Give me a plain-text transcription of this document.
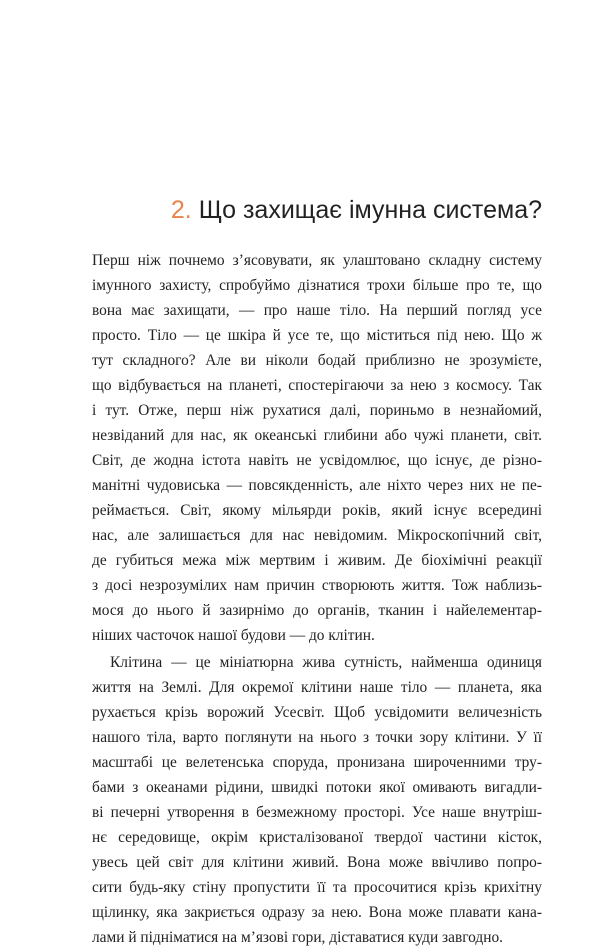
2. Що захищає імунна система?
Перш ніж почнемо з’ясовувати, як улаштовано складну систему
імунного захисту, спробуймо дізнатися трохи більше про те, що
вона має захищати, — про наше тіло. На перший погляд усе
просто. Тіло — це шкіра й усе те, що міститься під нею. Що ж
тут складного? Але ви ніколи бодай приблизно не зрозумієте,
що відбувається на планеті, спостерігаючи за нею з космосу. Так
і тут. Отже, перш ніж рухатися далі, пориньмо в незнайомий,
незвіданий для нас, як океанські глибини або чужі планети, світ.
Світ, де жодна істота навіть не усвідомлює, що існує, де різно-
манітні чудовиська — повсякденність, але ніхто через них не пе-
реймається. Світ, якому мільярди років, який існує всередині
нас, але залишається для нас невідомим. Мікроскопічний світ,
де губиться межа між мертвим і живим. Де біохімічні реакції
з досі незрозумілих нам причин створюють життя. Тож наблизь-
мося до нього й зазирнімо до органів, тканин і найелементар-
ніших часточок нашої будови — до клітин.
Клітина — це мініатюрна жива сутність, найменша одиниця
життя на Землі. Для окремої клітини наше тіло — планета, яка
рухається крізь ворожий Усесвіт. Щоб усвідомити величезність
нашого тіла, варто поглянути на нього з точки зору клітини. У її
масштабі це велетенська споруда, пронизана широченними тру-
бами з океанами рідини, швидкі потоки якої омивають вигадли-
ві печерні утворення в безмежному просторі. Усе наше внутріш-
нє середовище, окрім кристалізованої твердої частини кісток,
увесь цей світ для клітини живий. Вона може ввічливо попро-
сити будь-яку стіну пропустити її та просочитися крізь крихітну
щілинку, яка закриється одразу за нею. Вона може плавати кана-
лами й підніматися на м’язові гори, діставатися куди завгодно.
